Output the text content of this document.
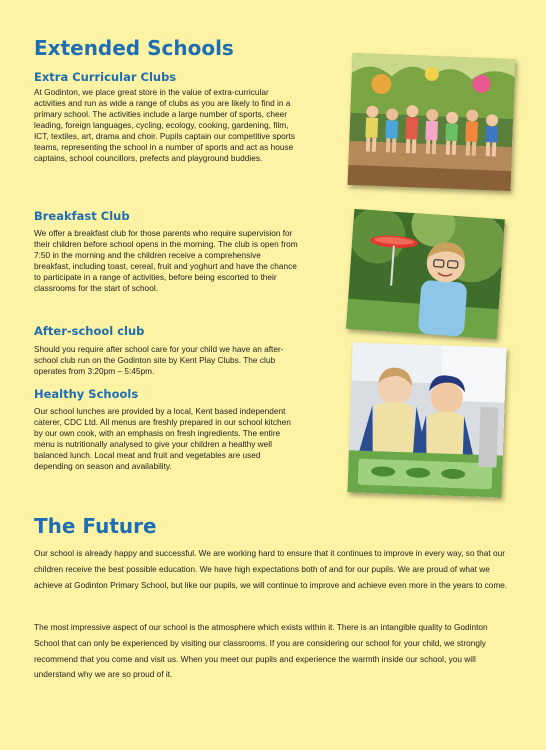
Extended Schools
Extra Curricular Clubs

At Godinton, we place great store in the value of extra-curricular activities and run as wide a range of clubs as you are likely to find in a primary school. The activities include a large number of sports, cheer leading, foreign languages, cycling, ecology, cooking, gardening, film, ICT, textiles, art, drama and choir. Pupils captain our competitive sports teams, representing the school in a number of sports and act as house captains, school councillors, prefects and playground buddies.

Breakfast Club

We offer a breakfast club for those parents who require supervision for their children before school opens in the morning. The club is open from 7:50 in the morning and the children receive a comprehensive breakfast, including toast, cereal, fruit and yoghurt and have the chance to participate in a range of activities, before being escorted to their classrooms for the start of school.

After-school club

Should you require after school care for your child we have an after-school club run on the Godinton site by Kent Play Clubs. The club operates from 3:20pm – 5:45pm.

Healthy Schools

Our school lunches are provided by a local, Kent based independent caterer, CDC Ltd. All menus are freshly prepared in our school kitchen by our own cook, with an emphasis on fresh ingredients. The entire menu is nutritionally analysed to give your children a healthy well balanced lunch. Local meat and fruit and vegetables are used depending on season and availability.

The Future

Our school is already happy and successful. We are working hard to ensure that it continues to improve in every way, so that our children receive the best possible education. We have high expectations both of and for our pupils. We are proud of what we achieve at Godinton Primary School, but like our pupils, we will continue to improve and achieve even more in the years to come.

The most impressive aspect of our school is the atmosphere which exists within it. There is an intangible quality to Godinton School that can only be experienced by visiting our classrooms. If you are considering our school for your child, we strongly recommend that you come and visit us. When you meet our pupils and experience the warmth inside our school, you will understand why we are so proud of it.
